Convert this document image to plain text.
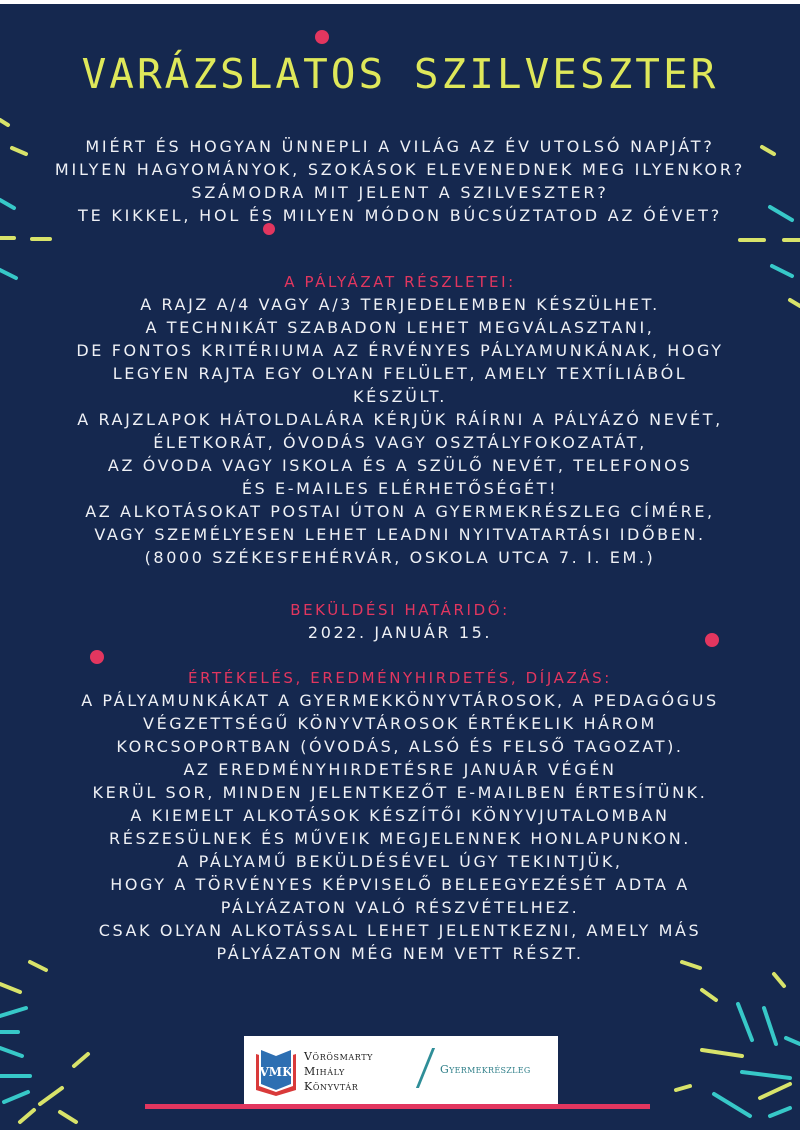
VARÁZSLATOS SZILVESZTER
MIÉRT ÉS HOGYAN ÜNNEPLI A VILÁG AZ ÉV UTOLSÓ NAPJÁT?
MILYEN HAGYOMÁNYOK, SZOKÁSOK ELEVENEDNEK MEG ILYENKOR?
SZÁMODRA MIT JELENT A SZILVESZTER?
TE KIKKEL, HOL ÉS MILYEN MÓDON BÚCSÚZTATOD AZ ÓÉVET?
A PÁLYÁZAT RÉSZLETEI:
A RAJZ A/4 VAGY A/3 TERJEDELEMBEN KÉSZÜLHET.
A TECHNIKÁT SZABADON LEHET MEGVÁLASZTANI,
DE FONTOS KRITÉRIUMA AZ ÉRVÉNYES PÁLYAMUNKÁNAK, HOGY
LEGYEN RAJTA EGY OLYAN FELÜLET, AMELY TEXTÍLIÁBÓL
KÉSZÜLT.
A RAJZLAPOK HÁTOLDALÁRA KÉRJÜK RÁÍRNI A PÁLYÁZÓ NEVÉT,
ÉLETKORÁT, ÓVODÁS VAGY OSZTÁLYFOKOZATÁT,
AZ ÓVODA VAGY ISKOLA ÉS A SZÜLŐ NEVÉT, TELEFONOS
ÉS E-MAILES ELÉRHETŐSÉGÉT!
AZ ALKOTÁSOKAT POSTAI ÚTON A GYERMEKRÉSZLEG CÍMÉRE,
VAGY SZEMÉLYESEN LEHET LEADNI NYITVATARTÁSI IDŐBEN.
(8000 SZÉKESFEHÉRVÁR, OSKOLA UTCA 7. I. EM.)
BEKÜLDÉSI HATÁRIDŐ:
2022. JANUÁR 15.
ÉRTÉKELÉS, EREDMÉNYHIRDETÉS, DÍJAZÁS:
A PÁLYAMUNKÁKAT A GYERMEKKÖNYVTÁROSOK, A PEDAGÓGUS
VÉGZETTSÉGŰ KÖNYVTÁROSOK ÉRTÉKELIK HÁROM
KORCSOPORTBAN (ÓVODÁS, ALSÓ ÉS FELSŐ TAGOZAT).
AZ EREDMÉNYHIRDETÉSRE JANUÁR VÉGÉN
KERÜL SOR, MINDEN JELENTKEZŐT E-MAILBEN ÉRTESÍTÜNK.
A KIEMELT ALKOTÁSOK KÉSZÍTŐI KÖNYVJUTALOMBAN
RÉSZESÜLNEK ÉS MŰVEIK MEGJELENNEK HONLAPUNKON.
A PÁLYAMŰ BEKÜLDÉSÉVEL ÚGY TEKINTJÜK,
HOGY A TÖRVÉNYES KÉPVISELŐ BELEEGYEZÉSÉT ADTA A
PÁLYÁZATON VALÓ RÉSZVÉTELHEZ.
CSAK OLYAN ALKOTÁSSAL LEHET JELENTKEZNI, AMELY MÁS
PÁLYÁZATON MÉG NEM VETT RÉSZT.
VMK
Vörösmarty
Mihály
Könyvtár
Gyermekrészleg
